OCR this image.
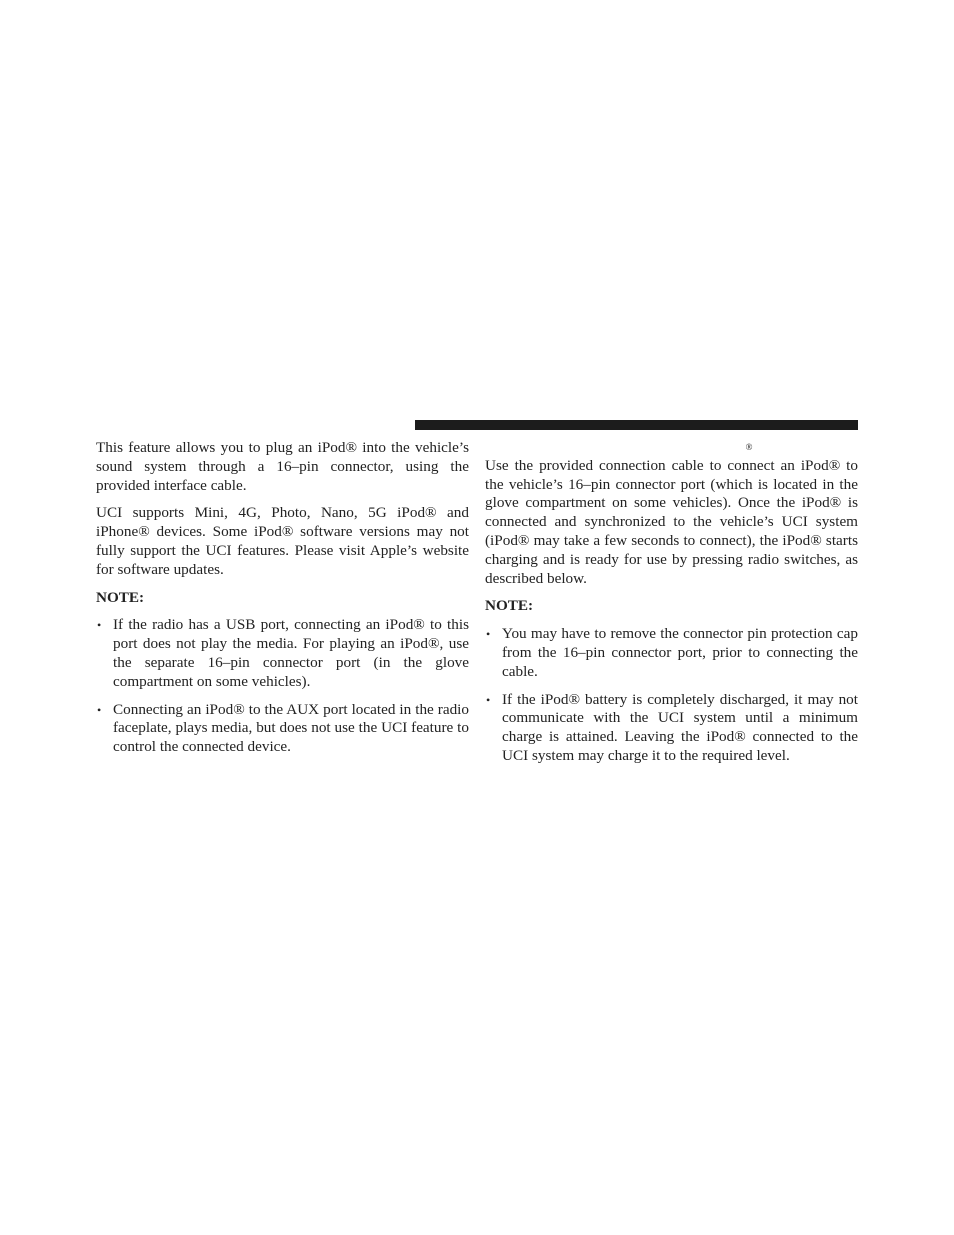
This feature allows you to plug an iPod® into the vehicle’s sound system through a 16–pin connector, using the provided interface cable.

UCI supports Mini, 4G, Photo, Nano, 5G iPod® and iPhone® devices. Some iPod® software versions may not fully support the UCI features. Please visit Apple’s website for software updates.

NOTE:

• If the radio has a USB port, connecting an iPod® to this port does not play the media. For playing an iPod®, use the separate 16–pin connector port (in the glove compartment on some vehicles).
• Connecting an iPod® to the AUX port located in the radio faceplate, plays media, but does not use the UCI feature to control the connected device.
®

Use the provided connection cable to connect an iPod® to the vehicle’s 16–pin connector port (which is located in the glove compartment on some vehicles). Once the iPod® is connected and synchronized to the vehicle’s UCI system (iPod® may take a few seconds to connect), the iPod® starts charging and is ready for use by pressing radio switches, as described below.

NOTE:

• You may have to remove the connector pin protection cap from the 16–pin connector port, prior to connecting the cable.
• If the iPod® battery is completely discharged, it may not communicate with the UCI system until a minimum charge is attained. Leaving the iPod® connected to the UCI system may charge it to the required level.
